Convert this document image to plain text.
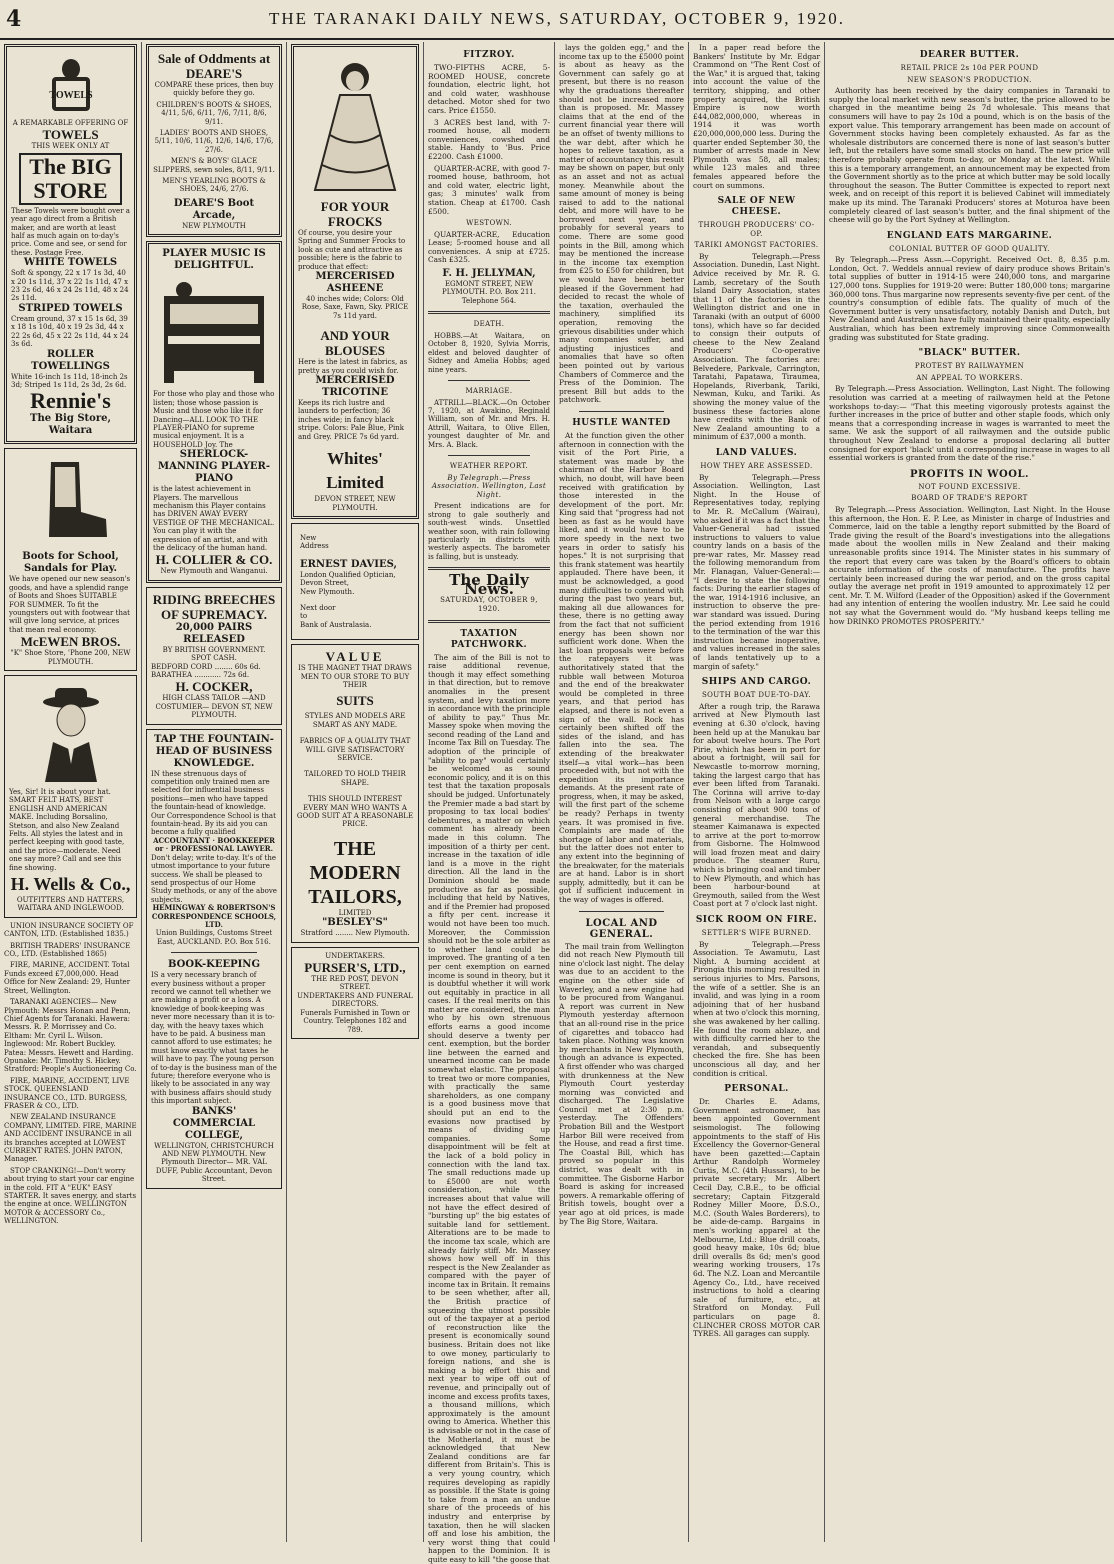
4	THE TARANAKI DAILY NEWS, SATURDAY, OCTOBER 9, 1920.
TOWELS
A REMARKABLE OFFERING OF
TOWELS
THIS WEEK ONLY AT
The BIG STORE
These Towels were bought over a year ago direct from a British maker, and are worth at least half as much again on to-day's price. Come and see, or send for these. Postage Free.
WHITE TOWELS
Soft & spongy, 22 x 17 1s 3d, 40 x 20 1s 11d, 37 x 22 1s 11d, 47 x 23 2s 6d, 46 x 24 2s 11d, 48 x 24 2s 11d.
STRIPED TOWELS
Cream ground, 37 x 15 1s 6d, 39 x 18 1s 10d, 40 x 19 2s 3d, 44 x 22 2s 6d, 45 x 22 2s 11d, 44 x 24 3s 6d.
ROLLER TOWELLINGS
White 16-inch 1s 11d, 18-inch 2s 3d; Striped 1s 11d, 2s 3d, 2s 6d.
Rennie's
The Big Store, Waitara
Boots for School, Sandals for Play.
We have opened our new season's goods, and have a splendid range of Boots and Shoes SUITABLE FOR SUMMER. To fit the youngsters out with footwear that will give long service, at prices that mean real economy.
McEWEN BROS.
"K" Shoe Store, 'Phone 200, NEW PLYMOUTH.
Yes, Sir! It is about your hat. SMART FELT HATS, BEST ENGLISH AND AMERICAN MAKE. Including Borsalino, Stetson, and also New Zealand Felts. All styles the latest and in perfect keeping with good taste, and the price—moderate. Need one say more? Call and see this fine showing.
H. Wells & Co.,
OUTFITTERS AND HATTERS, WAITARA AND INGLEWOOD.

UNION INSURANCE SOCIETY OF CANTON, LTD. (Established 1835.)

BRITISH TRADERS' INSURANCE CO., LTD. (Established 1865)

FIRE, MARINE, ACCIDENT. Total Funds exceed £7,000,000. Head Office for New Zealand: 29, Hunter Street, Wellington.

TARANAKI AGENCIES— New Plymouth: Messrs Honan and Penn, Chief Agents for Taranaki. Hawera: Messrs. R. P. Morrissey and Co. Eltham: Mr. Cyril L. Wilson. Inglewood: Mr. Robert Buckley. Patea: Messrs. Hewett and Harding. Opunake: Mr. Timothy S. Hickey. Stratford: People's Auctioneering Co.

FIRE, MARINE, ACCIDENT, LIVE STOCK. QUEENSLAND INSURANCE CO., LTD. BURGESS, FRASER & CO., LTD.

NEW ZEALAND INSURANCE COMPANY, LIMITED. FIRE, MARINE AND ACCIDENT INSURANCE in all its branches accepted at LOWEST CURRENT RATES. JOHN PATON, Manager.

STOP CRANKING!—Don't worry about trying to start your car engine in the cold. FIT A "EUK" EASY STARTER. It saves energy, and starts the engine at once. WELLINGTON MOTOR & ACCESSORY Co., WELLINGTON.

Sale of Oddments at DEARE'S
COMPARE these prices, then buy quickly before they go.
CHILDREN'S BOOTS & SHOES, 4/11, 5/6, 6/11, 7/6, 7/11, 8/6, 9/11.
LADIES' BOOTS AND SHOES, 5/11, 10/6, 11/6, 12/6, 14/6, 17/6, 27/6.
MEN'S & BOYS' GLACE SLIPPERS, sewn soles, 8/11, 9/11.
MEN'S YEARLING BOOTS & SHOES, 24/6, 27/6.
DEARE'S Boot Arcade,
NEW PLYMOUTH
PLAYER MUSIC IS DELIGHTFUL.
For those who play and those who listen; those whose passion is Music and those who like it for Dancing—ALL LOOK TO THE PLAYER-PIANO for supreme musical enjoyment. It is a HOUSEHOLD Joy. The
SHERLOCK-MANNING PLAYER-PIANO
is the latest achievement in Players. The marvellous mechanism this Player contains has DRIVEN AWAY EVERY VESTIGE OF THE MECHANICAL. You can play it with the expression of an artist, and with the delicacy of the human hand.
H. COLLIER & CO.
New Plymouth and Wanganui.
RIDING BREECHES OF SUPREMACY.
20,000 PAIRS RELEASED
BY BRITISH GOVERNMENT.
SPOT CASH.
BEDFORD CORD ........ 60s 6d.
BARATHEA ............ 72s 6d.
H. COCKER,
HIGH CLASS TAILOR —AND COSTUMIER— DEVON ST, NEW PLYMOUTH.
TAP THE FOUNTAIN-HEAD OF BUSINESS KNOWLEDGE.
IN these strenuous days of competition only trained men are selected for influential business positions—men who have tapped the fountain-head of knowledge. Our Correspondence School is that fountain-head. By its aid you can become a fully qualified
ACCOUNTANT · BOOKKEEPER or · PROFESSIONAL LAWYER.
Don't delay; write to-day. It's of the utmost importance to your future success. We shall be pleased to send prospectus of our Home Study methods, or any of the above subjects.
HEMINGWAY & ROBERTSON'S CORRESPONDENCE SCHOOLS, LTD.
Union Buildings, Customs Street East, AUCKLAND. P.O. Box 516.
BOOK-KEEPING
IS a very necessary branch of every business without a proper record we cannot tell whether we are making a profit or a loss. A knowledge of book-keeping was never more necessary than it is to-day, with the heavy taxes which have to be paid. A business man cannot afford to use estimates; he must know exactly what taxes he will have to pay. The young person of to-day is the business man of the future; therefore everyone who is likely to be associated in any way with business affairs should study this important subject.
BANKS' COMMERCIAL COLLEGE,
WELLINGTON, CHRISTCHURCH AND NEW PLYMOUTH. New Plymouth Director— MR. VAL DUFF, Public Accountant, Devon Street.
FOR YOUR FROCKS
Of course, you desire your Spring and Summer Frocks to look as cute and attractive as possible; here is the fabric to produce that effect:
MERCERISED ASHEENE
40 inches wide; Colors: Old Rose, Saxe, Fawn, Sky. PRICE 7s 11d yard.
AND YOUR BLOUSES
Here is the latest in fabrics, as pretty as you could wish for.
MERCERISED TRICOTINE
Keeps its rich lustre and launders to perfection; 36 inches wide; in fancy black stripe. Colors: Pale Blue, Pink and Grey. PRICE 7s 6d yard.
Whites' Limited
DEVON STREET, NEW PLYMOUTH.
New
Address
ERNEST DAVIES,
London Qualified Optician,
Devon Street,
New Plymouth.
Next door
to
Bank of Australasia.
VALUE
IS THE MAGNET THAT DRAWS MEN TO OUR STORE TO BUY THEIR
SUITS
STYLES AND MODELS ARE SMART AS ANY MADE.
FABRICS OF A QUALITY THAT WILL GIVE SATISFACTORY SERVICE.
TAILORED TO HOLD THEIR SHAPE.
THIS SHOULD INTEREST EVERY MAN WHO WANTS A GOOD SUIT AT A REASONABLE PRICE.
THE MODERN TAILORS,
LIMITED
"BESLEY'S"
Stratford ........ New Plymouth.
UNDERTAKERS.
PURSER'S, LTD.,
THE RED POST, DEVON STREET.
UNDERTAKERS AND FUNERAL DIRECTORS.
Funerals Furnished in Town or Country. Telephones 182 and 789.
FITZROY.

TWO-FIFTHS ACRE, 5-ROOMED HOUSE, concrete foundation, electric light, hot and cold water, washhouse detached. Motor shed for two cars. Price £1550.

3 ACRES best land, with 7-roomed house, all modern conveniences, cowshed and stable. Handy to 'Bus. Price £2200. Cash £1000.

QUARTER-ACRE, with good 7-roomed house, bathroom, hot and cold water, electric light, gas; 3 minutes' walk from station. Cheap at £1700. Cash £500.

WESTOWN.

QUARTER-ACRE, Education Lease; 5-roomed house and all conveniences. A snip at £725. Cash £325.

F. H. JELLYMAN,
EGMONT STREET, NEW PLYMOUTH. P.O. Box 211. Telephone 564.
DEATH.

HOBBS.—At Waitara, on October 8, 1920, Sylvia Morris, eldest and beloved daughter of Sidney and Amelia Hobbs; aged nine years.

MARRIAGE.

ATTRILL—BLACK.—On October 7, 1920, at Awakino, Reginald William, son of Mr. and Mrs. H. Attrill, Waitara, to Olive Ellen, youngest daughter of Mr. and Mrs. A. Black.

WEATHER REPORT.
By Telegraph.—Press Association. Wellington, Last Night.

Present indications are for strong to gale southerly and south-west winds. Unsettled weather soon, with rain following particularly in districts with westerly aspects. The barometer is falling, but is unsteady.

The Daily News.
SATURDAY, OCTOBER 9, 1920.
TAXATION PATCHWORK.

The aim of the Bill is not to raise additional revenue, though it may effect something in that direction, but to remove anomalies in the present system, and levy taxation more in accordance with the principle of ability to pay." Thus Mr. Massey spoke when moving the second reading of the Land and Income Tax Bill on Tuesday. The adoption of the principle of "ability to pay" would certainly be welcomed as sound economic policy, and it is on this test that the taxation proposals should be judged. Unfortunately the Premier made a bad start by proposing to tax local bodies' debentures, a matter on which comment has already been made in this column. The imposition of a thirty per cent. increase in the taxation of idle land is a move in the right direction. All the land in the Dominion should be made productive as far as possible, including that held by Natives, and if the Premier had proposed a fifty per cent. increase it would not have been too much. Moreover, the Commission should not be the sole arbiter as to whether land could be improved. The granting of a ten per cent exemption on earned income is sound in theory, but it is doubtful whether it will work out equitably in practice in all cases. If the real merits on this matter are considered, the man who by his own strenuous efforts earns a good income should deserve a twenty per cent. exemption, but the border line between the earned and unearned income can be made somewhat elastic. The proposal to treat two or more companies, with practically the same shareholders, as one company is a good business move that should put an end to the evasions now practised by means of dividing up companies. Some disappointment will be felt at the lack of a bold policy in connection with the land tax. The small reductions made up to £5000 are not worth consideration, while the increases about that value will not have the effect desired of "bursting up" the big estates of suitable land for settlement. Alterations are to be made to the income tax scale, which are already fairly stiff. Mr. Massey shows how well off in this respect is the New Zealander as compared with the payer of income tax in Britain. It remains to be seen whether, after all, the British practice of squeezing the utmost possible out of the taxpayer at a period of reconstruction like the present is economically sound business. Britain does not like to owe money, particularly to foreign nations, and she is making a big effort this and next year to wipe off out of revenue, and principally out of income and excess profits taxes, a thousand millions, which approximately is the amount owing to America. Whether this is advisable or not in the case of the Motherland, it must be acknowledged that New Zealand conditions are far different from Britain's. This is a very young country, which requires developing as rapidly as possible. If the State is going to take from a man an undue share of the proceeds of his industry and enterprise by taxation, then he will slacken off and lose his ambition, the very worst thing that could happen to the Dominion. It is quite easy to kill "the goose that

lays the golden egg," and the income tax up to the £5000 point is about as heavy as the Government can safely go at present, but there is no reason why the graduations thereafter should not be increased more than is proposed. Mr. Massey claims that at the end of the current financial year there will be an offset of twenty millions to the war debt, after which he hopes to relieve taxation, as a matter of accountancy this result may be shown on paper, but only as an asset and not as actual money. Meanwhile about the same amount of money is being raised to add to the national debt, and more will have to be borrowed next year, and probably for several years to come. There are some good points in the Bill, among which may be mentioned the increase in the income tax exemption from £25 to £50 for children, but we would have been better pleased if the Government had decided to recast the whole of the taxation, overhauled the machinery, simplified its operation, removing the grievous disabilities under which many companies suffer, and adjusting injustices and anomalies that have so often been pointed out by various Chambers of Commerce and the Press of the Dominion. The present Bill but adds to the patchwork.

HUSTLE WANTED

At the function given the other afternoon in connection with the visit of the Port Pirie, a statement was made by the chairman of the Harbor Board which, no doubt, will have been received with gratification by those interested in the development of the port. Mr. King said that "progress had not been as fast as he would have liked, and it would have to be more speedy in the next two years in order to satisfy his hopes." It is not surprising that this frank statement was heartily applauded. There have been, it must be acknowledged, a good many difficulties to contend with during the past two years but, making all due allowances for these, there is no getting away from the fact that not sufficient energy has been shown nor sufficient work done. When the last loan proposals were before the ratepayers it was authoritatively stated that the rubble wall between Moturoa and the end of the breakwater would be completed in three years, and that period has elapsed, and there is not even a sign of the wall. Rock has certainly been shifted off the sides of the island, and has fallen into the sea. The extending of the breakwater itself—a vital work—has been proceeded with, but not with the expedition its importance demands. At the present rate of progress, when, it may be asked, will the first part of the scheme be ready? Perhaps in twenty years. It was promised in five. Complaints are made of the shortage of labor and materials, but the latter does not enter to any extent into the beginning of the breakwater, for the materials are at hand. Labor is in short supply, admittedly, but it can be got if sufficient inducement in the way of wages is offered.

LOCAL AND GENERAL.

The mail train from Wellington did not reach New Plymouth till nine o'clock last night. The delay was due to an accident to the engine on the other side of Waverley, and a new engine had to be procured from Wanganui. A report was current in New Plymouth yesterday afternoon that an all-round rise in the price of cigarettes and tobacco had taken place. Nothing was known by merchants in New Plymouth, though an advance is expected. A first offender who was charged with drunkenness at the New Plymouth Court yesterday morning was convicted and discharged. The Legislative Council met at 2:30 p.m. yesterday. The Offenders' Probation Bill and the Westport Harbor Bill were received from the House, and read a first time. The Coastal Bill, which has proved so popular in this district, was dealt with in committee. The Gisborne Harbor Board is asking for increased powers. A remarkable offering of British towels, bought over a year ago at old prices, is made by The Big Store, Waitara.

In a paper read before the Bankers' Institute by Mr. Edgar Crammond on "The Rent Cost of the War," it is argued that, taking into account the value of the territory, shipping, and other property acquired, the British Empire is now worth £44,082,000,000, whereas in 1914 it was worth £20,000,000,000 less. During the quarter ended September 30, the number of arrests made in New Plymouth was 58, all males; while 123 males and three females appeared before the court on summons.

SALE OF NEW CHEESE.
THROUGH PRODUCERS' CO-OP.
TARIKI AMONGST FACTORIES.

By Telegraph.—Press Association. Dunedin, Last Night. Advice received by Mr. R. G. Lamb, secretary of the South Island Dairy Association, states that 11 of the factories in the Wellington district and one in Taranaki (with an output of 6000 tons), which have so far decided to consign their outputs of cheese to the New Zealand Producers' Co-operative Association. The factories are: Belvedere, Parkvale, Carrington, Taratahi, Papatawa, Tiraumea, Hopelands, Riverbank, Tariki, Newman, Kuku, and Tariki. As showing the money value of the business these factories alone have credits with the Bank of New Zealand amounting to a minimum of £37,000 a month.

LAND VALUES.
HOW THEY ARE ASSESSED.

By Telegraph.—Press Association. Wellington, Last Night. In the House of Representatives today, replying to Mr. R. McCallum (Wairau), who asked if it was a fact that the Valuer-General had issued instructions to valuers to value country lands on a basis of the pre-war rates, Mr. Massey read the following memorandum from Mr. Flanagan, Valuer-General:— "I desire to state the following facts: During the earlier stages of the war, 1914-1916 inclusive, an instruction to observe the pre-war standard was issued. During the period extending from 1916 to the termination of the war this instruction became inoperative, and values increased in the sales of lands tentatively up to a margin of safety."

SHIPS AND CARGO.
SOUTH BOAT DUE-TO-DAY.

After a rough trip, the Rarawa arrived at New Plymouth last evening at 6.30 o'clock, having been held up at the Manukau bar for about twelve hours. The Port Pirie, which has been in port for about a fortnight, will sail for Newcastle to-morrow morning, taking the largest cargo that has ever been lifted from Taranaki. The Corinna will arrive to-day from Nelson with a large cargo consisting of about 900 tons of general merchandise. The steamer Kaimanawa is expected to arrive at the port to-morrow from Gisborne. The Holmwood will load frozen meat and dairy produce. The steamer Ruru, which is bringing coal and timber to New Plymouth, and which has been harbour-bound at Greymouth, sailed from the West Coast port at 7 o'clock last night.

SICK ROOM ON FIRE.
SETTLER'S WIFE BURNED.

By Telegraph.—Press Association. Te Awamutu, Last Night. A burning accident at Pirongia this morning resulted in serious injuries to Mrs. Parsons, the wife of a settler. She is an invalid, and was lying in a room adjoining that of her husband when at two o'clock this morning, she was awakened by her calling. He found the room ablaze, and with difficulty carried her to the verandah, and subsequently checked the fire. She has been unconscious all day, and her condition is critical.

PERSONAL.

Dr. Charles E. Adams, Government astronomer, has been appointed Government seismologist. The following appointments to the staff of His Excellency the Governor-General have been gazetted:—Captain Arthur Randolph Wormeley Curtis, M.C. (4th Hussars), to be private secretary; Mr. Albert Cecil Day, C.B.E., to be official secretary; Captain Fitzgerald Rodney Miller Moore, D.S.O., M.C. (South Wales Borderers), to be aide-de-camp. Bargains in men's working apparel at the Melbourne, Ltd.: Blue drill coats, good heavy make, 10s 6d; blue drill overalls 8s 6d; men's good wearing working trousers, 17s 6d. The N.Z. Loan and Mercantile Agency Co., Ltd., have received instructions to hold a clearing sale of furniture, etc., at Stratford on Monday. Full particulars on page 8. CLINCHER CROSS MOTOR CAR TYRES. All garages can supply.

DEARER BUTTER.
RETAIL PRICE 2s 10d PER POUND
NEW SEASON'S PRODUCTION.

Authority has been received by the dairy companies in Taranaki to supply the local market with new season's butter, the price allowed to be charged in the meantime being 2s 7d wholesale. This means that consumers will have to pay 2s 10d a pound, which is on the basis of the export value. This temporary arrangement has been made on account of Government stocks having been completely exhausted. As far as the wholesale distributors are concerned there is none of last season's butter left, but the retailers have some small stocks on hand. The new price will therefore probably operate from to-day, or Monday at the latest. While this is a temporary arrangement, an announcement may be expected from the Government shortly as to the price at which butter may be sold locally throughout the season. The Butter Committee is expected to report next week, and on receipt of this report it is believed Cabinet will immediately make up its mind. The Taranaki Producers' stores at Moturoa have been completely cleared of last season's butter, and the final shipment of the cheese will go by the Port Sydney at Wellington.

ENGLAND EATS MARGARINE.
COLONIAL BUTTER OF GOOD QUALITY.

By Telegraph.—Press Assn.—Copyright. Received Oct. 8, 8.35 p.m. London, Oct. 7. Weddels annual review of dairy produce shows Britain's total supplies of butter in 1914-15 were 240,000 tons, and margarine 127,000 tons. Supplies for 1919-20 were: Butter 180,000 tons; margarine 360,000 tons. Thus margarine now represents seventy-five per cent. of the country's consumption of edible fats. The quality of much of the Government butter is very unsatisfactory, notably Danish and Dutch, but New Zealand and Australian have fully maintained their quality, especially Australian, which has been extremely improving since Commonwealth grading was substituted for State grading.

"BLACK" BUTTER.
PROTEST BY RAILWAYMEN
AN APPEAL TO WORKERS.

By Telegraph.—Press Association. Wellington, Last Night. The following resolution was carried at a meeting of railwaymen held at the Petone workshops to-day:— "That this meeting vigorously protests against the further increases in the price of butter and other staple foods, which only means that a corresponding increase in wages is warranted to meet the same. We ask the support of all railwaymen and the outside public throughout New Zealand to endorse a proposal declaring all butter consigned for export 'black' until a corresponding increase in wages to all essential workers is granted from the date of the rise."

PROFITS IN WOOL.
NOT FOUND EXCESSIVE.
BOARD OF TRADE'S REPORT

By Telegraph.—Press Association. Wellington, Last Night. In the House this afternoon, the Hon. E. P. Lee, as Minister in charge of Industries and Commerce, laid on the table a lengthy report submitted by the Board of Trade giving the result of the Board's investigations into the allegations made about the woollen mills in New Zealand and their making unreasonable profits since 1914. The Minister states in his summary of the report that every care was taken by the Board's officers to obtain accurate information of the costs of manufacture. The profits have certainly been increased during the war period, and on the gross capital outlay the average net profit in 1919 amounted to approximately 12 per cent. Mr. T. M. Wilford (Leader of the Opposition) asked if the Government had any intention of entering the woollen industry. Mr. Lee said he could not say what the Government would do. "My husband keeps telling me how DRINKO PROMOTES PROSPERITY."
